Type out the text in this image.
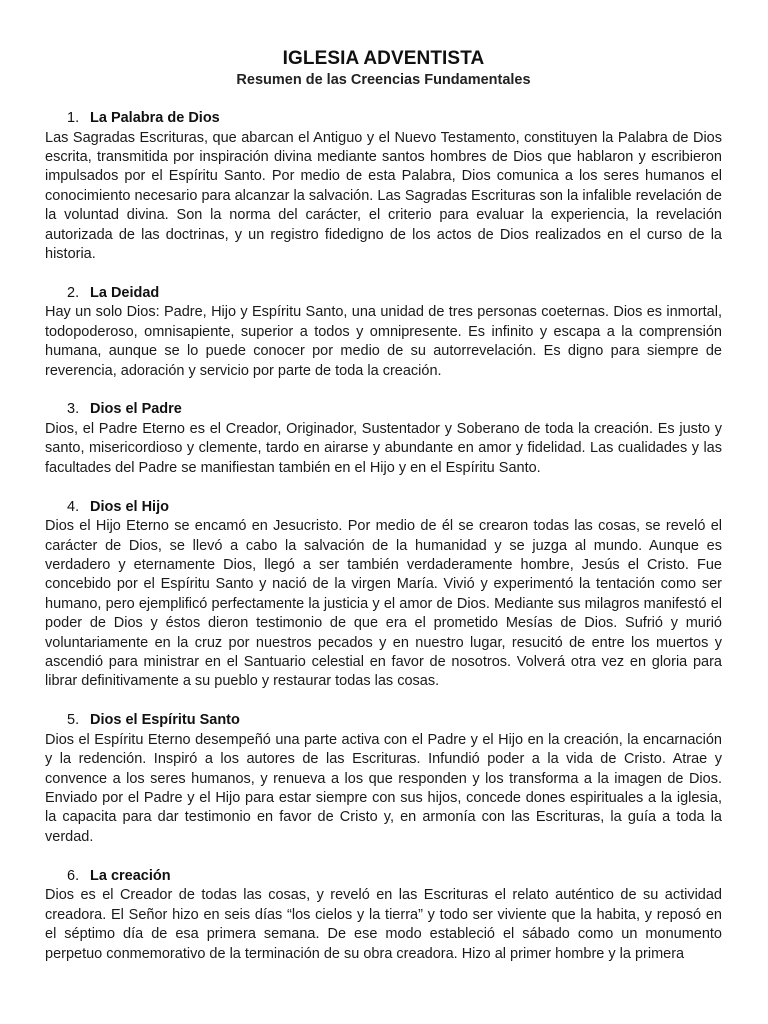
IGLESIA ADVENTISTA
Resumen de las Creencias Fundamentales
1. La Palabra de Dios

Las Sagradas Escrituras, que abarcan el Antiguo y el Nuevo Testamento, constituyen la Palabra de Dios escrita, transmitida por inspiración divina mediante santos hombres de Dios que hablaron y escribieron impulsados por el Espíritu Santo. Por medio de esta Palabra, Dios comunica a los seres humanos el conocimiento necesario para alcanzar la salvación. Las Sagradas Escrituras son la infalible revelación de la voluntad divina. Son la norma del carácter, el criterio para evaluar la experiencia, la revelación autorizada de las doctrinas, y un registro fidedigno de los actos de Dios realizados en el curso de la historia.

2. La Deidad

Hay un solo Dios: Padre, Hijo y Espíritu Santo, una unidad de tres personas coeternas. Dios es inmortal, todopoderoso, omnisapiente, superior a todos y omnipresente. Es infinito y escapa a la comprensión humana, aunque se lo puede conocer por medio de su autorrevelación. Es digno para siempre de reverencia, adoración y servicio por parte de toda la creación.

3. Dios el Padre

Dios, el Padre Eterno es el Creador, Originador, Sustentador y Soberano de toda la creación. Es justo y santo, misericordioso y clemente, tardo en airarse y abundante en amor y fidelidad. Las cualidades y las facultades del Padre se manifiestan también en el Hijo y en el Espíritu Santo.

4. Dios el Hijo

Dios el Hijo Eterno se encamó en Jesucristo. Por medio de él se crearon todas las cosas, se reveló el carácter de Dios, se llevó a cabo la salvación de la humanidad y se juzga al mundo. Aunque es verdadero y eternamente Dios, llegó a ser también verdaderamente hombre, Jesús el Cristo. Fue concebido por el Espíritu Santo y nació de la virgen María. Vivió y experimentó la tentación como ser humano, pero ejemplificó perfectamente la justicia y el amor de Dios. Mediante sus milagros manifestó el poder de Dios y éstos dieron testimonio de que era el prometido Mesías de Dios. Sufrió y murió voluntariamente en la cruz por nuestros pecados y en nuestro lugar, resucitó de entre los muertos y ascendió para ministrar en el Santuario celestial en favor de nosotros. Volverá otra vez en gloria para librar definitivamente a su pueblo y restaurar todas las cosas.

5. Dios el Espíritu Santo

Dios el Espíritu Eterno desempeñó una parte activa con el Padre y el Hijo en la creación, la encarnación y la redención. Inspiró a los autores de las Escrituras. Infundió poder a la vida de Cristo. Atrae y convence a los seres humanos, y renueva a los que responden y los transforma a la imagen de Dios. Enviado por el Padre y el Hijo para estar siempre con sus hijos, concede dones espirituales a la iglesia, la capacita para dar testimonio en favor de Cristo y, en armonía con las Escrituras, la guía a toda la verdad.

6. La creación

Dios es el Creador de todas las cosas, y reveló en las Escrituras el relato auténtico de su actividad creadora. El Señor hizo en seis días “los cielos y la tierra” y todo ser viviente que la habita, y reposó en el séptimo día de esa primera semana. De ese modo estableció el sábado como un monumento perpetuo conmemorativo de la terminación de su obra creadora. Hizo al primer hombre y la primera
